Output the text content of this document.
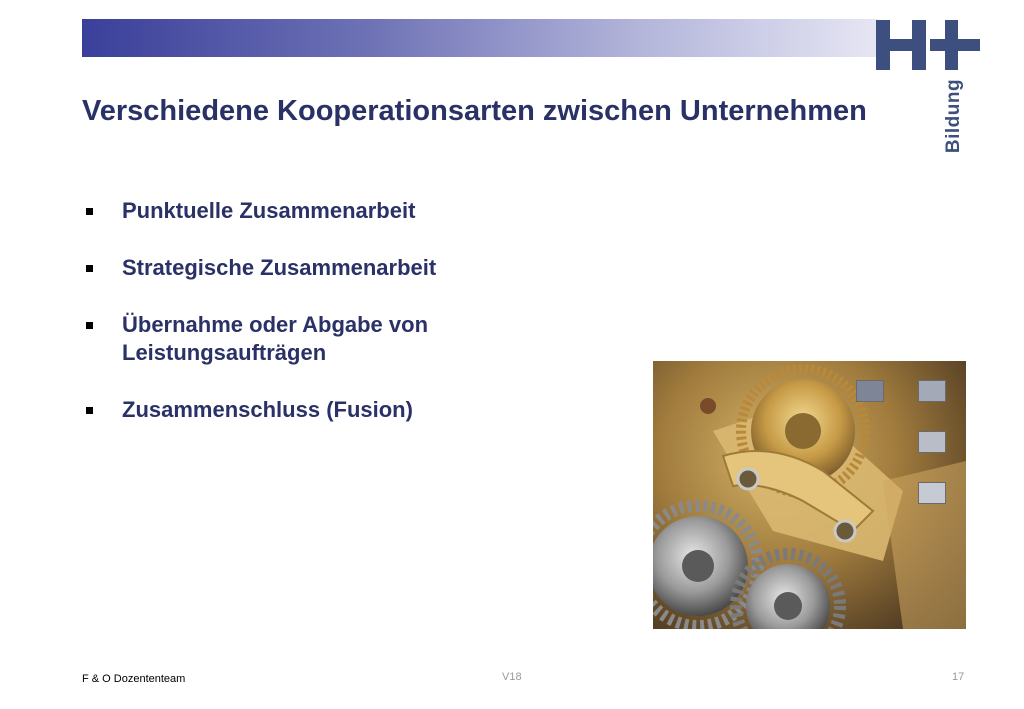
Bildung
Verschiedene Kooperationsarten zwischen Unternehmen
Punktuelle Zusammenarbeit
Strategische Zusammenarbeit
Übernahme oder Abgabe von
Leistungsaufträgen
Zusammenschluss (Fusion)
F & O Dozententeam	V18	17
